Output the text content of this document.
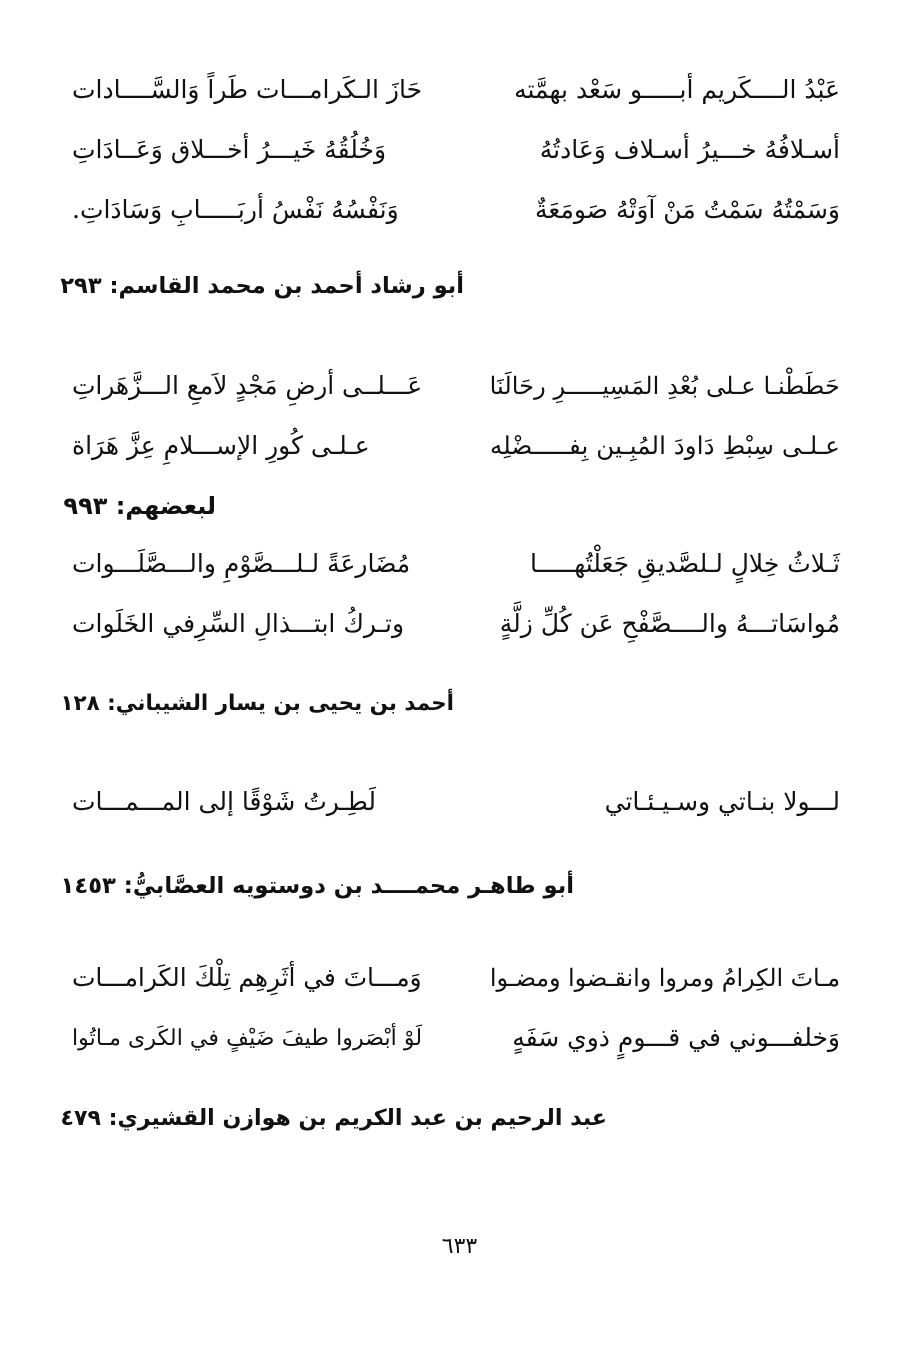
عَبْدُ الــــكَريم أبـــــو سَعْد بهمَّته
حَازَ الـكَرامـــات طَراً وَالسَّــــادات
أسـلافُهُ خـــيرُ أسـلاف وَعَادتُهُ
وَخُلُقُهُ خَيـــرُ أخـــلاق وَعَــادَاتِ
وَسَمْتُهُ سَمْتُ مَنْ آوَتْهُ صَومَعَةٌ
وَنَفْسُهُ نَفْسُ أربَـــــابِ وَسَادَاتِ.
أبو رشاد أحمد بن محمد القاسم: ٢٩٣
حَطَطْنـا عـلى بُعْدِ المَسِيـــــرِ رحَالَنَا
عَـــلــى أرضِ مَجْدٍ لاَمعِ الـــزَّهَراتِ
عـلـى سِبْطِ دَاودَ المُبِـين بِفـــــضْلِه
عـلـى كُورِ الإســـلامِ عِزَّ هَرَاة
لبعضهم: ٩٩٣
ثَـلاثُ خِلالٍ لـلصَّديقِ جَعَلْتُهـــــا
مُضَارعَةً لـلـــصَّوْمِ والـــصَّلَـــوات
مُواسَاتـــهُ والــــصَّفْحِ عَن كُلِّ زلَّةٍ
وتـركُ ابتـــذالِ السِّرِفي الخَلَوات
أحمد بن يحيى بن يسار الشيباني: ١٢٨
لـــولا بنـاتي وسـيـئـاتي
لَطِـرتُ شَوْقًا إلى المـــمـــات
أبو طاهـر محمــــد بن دوستويه العصَّابيُّ: ١٤٥٣
مـاتَ الكِرامُ ومروا وانقـضوا ومضـوا
وَمـــاتَ في أثَرِهِم تِلْكَ الكَرامـــات
وَخلفـــوني في قـــومٍ ذوي سَفَهٍ
لَوْ أبْصَروا طيفَ ضَيْفٍ في الكَرى مـاتُوا
عبد الرحيم بن عبد الكريم بن هوازن القشيري: ٤٧٩
٦٣٣
